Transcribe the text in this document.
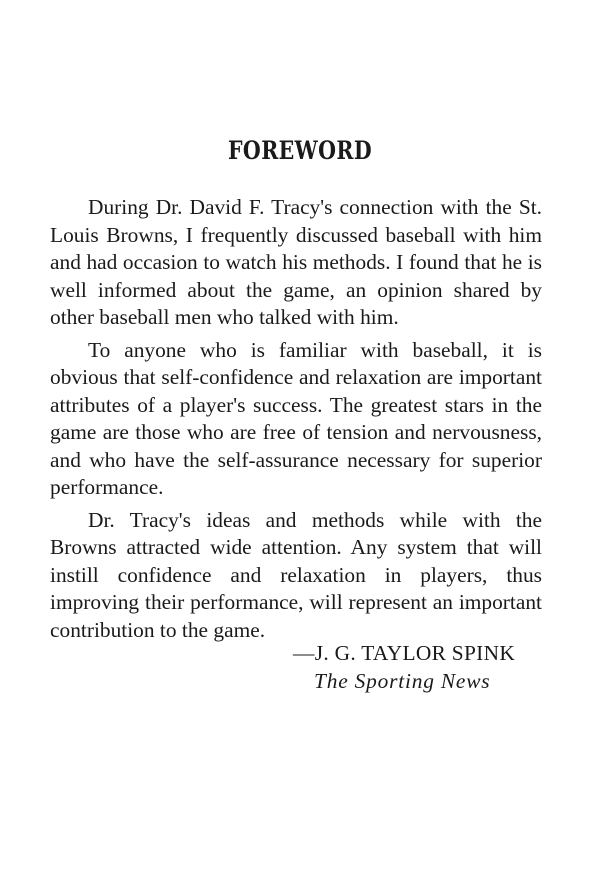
FOREWORD

During Dr. David F. Tracy's connection with the St. Louis Browns, I frequently discussed baseball with him and had occasion to watch his methods. I found that he is well informed about the game, an opinion shared by other baseball men who talked with him.

To anyone who is familiar with baseball, it is obvious that self-confidence and relaxation are important attributes of a player's success. The greatest stars in the game are those who are free of tension and nervousness, and who have the self-assurance necessary for superior performance.

Dr. Tracy's ideas and methods while with the Browns attracted wide attention. Any system that will instill confidence and relaxation in players, thus improving their performance, will represent an important contribution to the game.

—J. G. TAYLOR SPINK
The Sporting News
